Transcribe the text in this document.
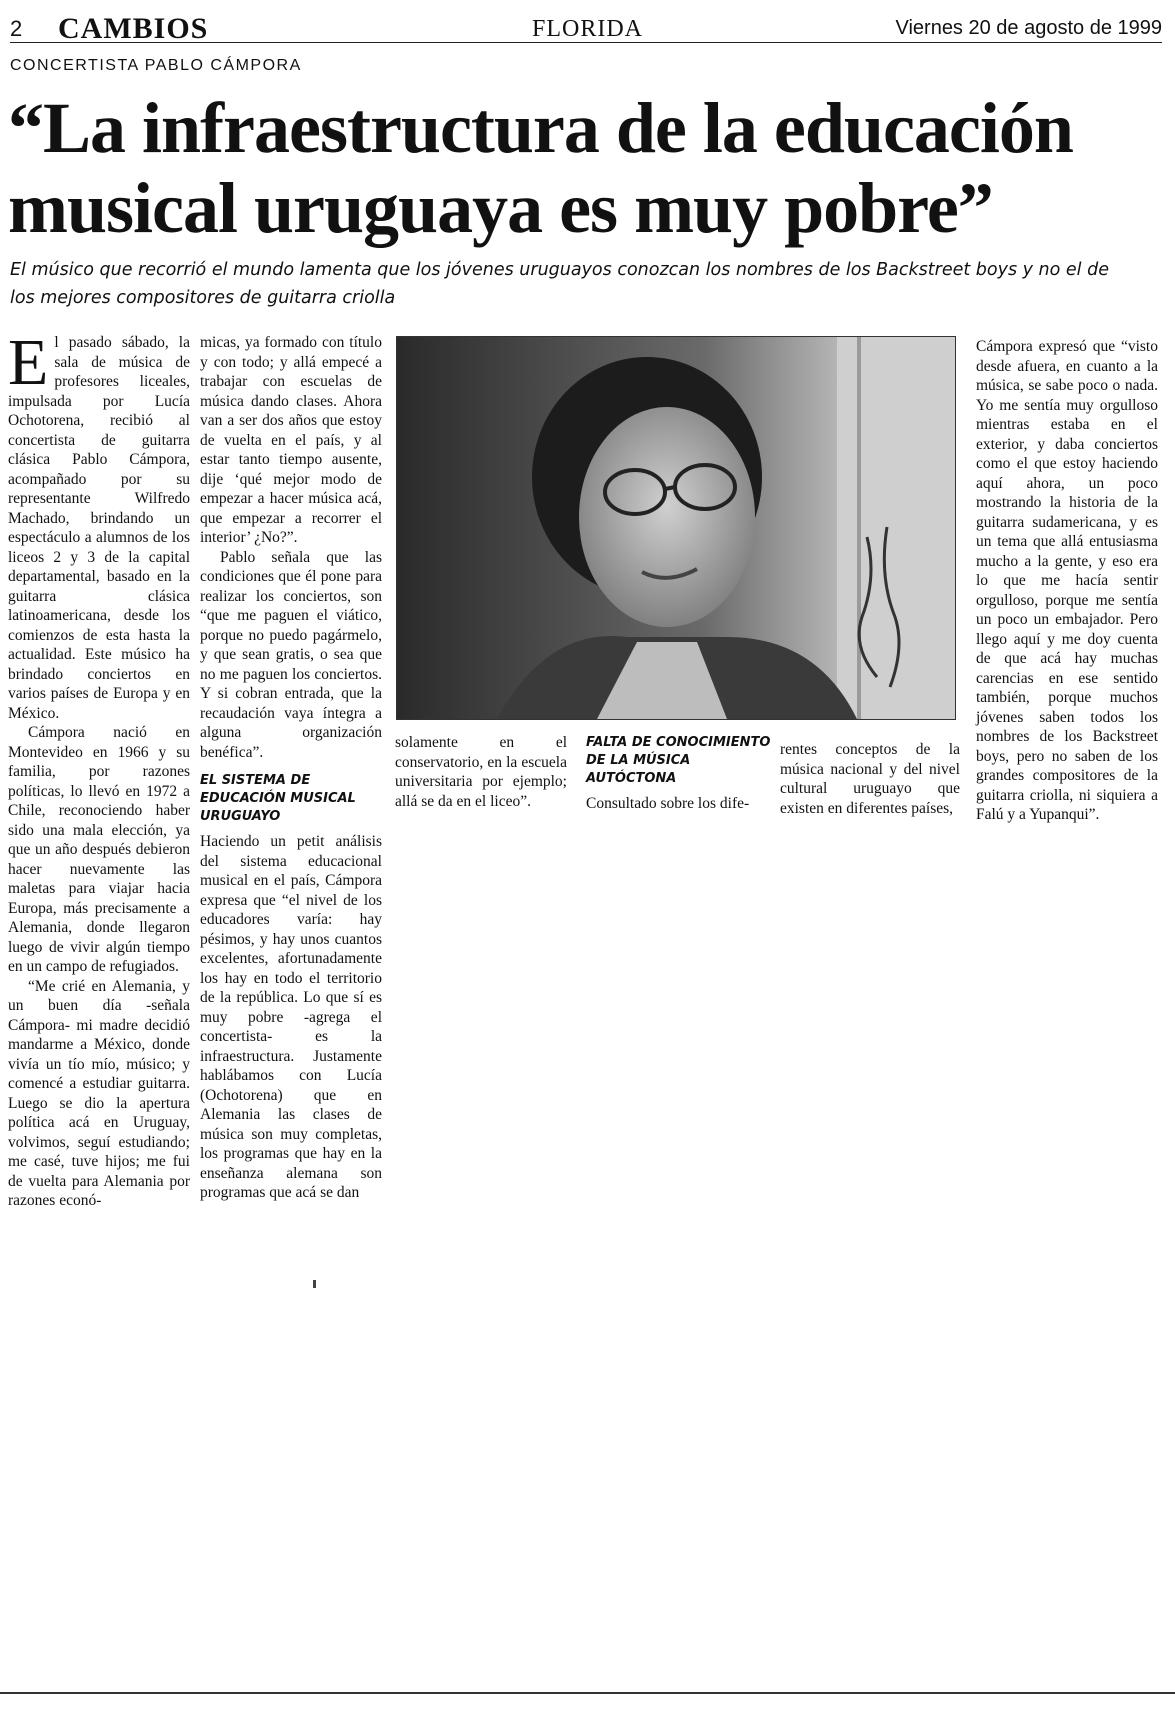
2 CAMBIOS	FLORIDA	Viernes 20 de agosto de 1999
CONCERTISTA PABLO CÁMPORA
“La infraestructura de la educación musical uruguaya es muy pobre”

El músico que recorrió el mundo lamenta que los jóvenes uruguayos conozcan los nombres de los Backstreet boys y no el de los mejores compositores de guitarra criolla

El pasado sábado, la sala de música de profesores liceales, impulsada por Lucía Ochotorena, recibió al concertista de guitarra clásica Pablo Cámpora, acompañado por su representante Wilfredo Machado, brindando un espectáculo a alumnos de los liceos 2 y 3 de la capital departamental, basado en la guitarra clásica latinoamericana, desde los comienzos de esta hasta la actualidad. Este músico ha brindado conciertos en varios países de Europa y en México.

Cámpora nació en Montevideo en 1966 y su familia, por razones políticas, lo llevó en 1972 a Chile, reconociendo haber sido una mala elección, ya que un año después debieron hacer nuevamente las maletas para viajar hacia Europa, más precisamente a Alemania, donde llegaron luego de vivir algún tiempo en un campo de refugiados.

“Me crié en Alemania, y un buen día -señala Cámpora- mi madre decidió mandarme a México, donde vivía un tío mío, músico; y comencé a estudiar guitarra. Luego se dio la apertura política acá en Uruguay, volvimos, seguí estudiando; me casé, tuve hijos; me fui de vuelta para Alemania por razones econó-

micas, ya formado con título y con todo; y allá empecé a trabajar con escuelas de música dando clases. Ahora van a ser dos años que estoy de vuelta en el país, y al estar tanto tiempo ausente, dije ‘qué mejor modo de empezar a hacer música acá, que empezar a recorrer el interior’ ¿No?”.

Pablo señala que las condiciones que él pone para realizar los conciertos, son “que me paguen el viático, porque no puedo pagármelo, y que sean gratis, o sea que no me paguen los conciertos. Y si cobran entrada, que la recaudación vaya íntegra a alguna organización benéfica”.

EL SISTEMA DE EDUCACIÓN MUSICAL URUGUAYO

Haciendo un petit análisis del sistema educacional musical en el país, Cámpora expresa que “el nivel de los educadores varía: hay pésimos, y hay unos cuantos excelentes, afortunadamente los hay en todo el territorio de la república. Lo que sí es muy pobre -agrega el concertista- es la infraestructura. Justamente hablábamos con Lucía (Ochotorena) que en Alemania las clases de música son muy completas, los programas que hay en la enseñanza alemana son programas que acá se dan

solamente en el conservatorio, en la escuela universitaria por ejemplo; allá se da en el liceo”.

FALTA DE CONOCIMIENTO DE LA MÚSICA AUTÓCTONA

Consultado sobre los dife-

rentes conceptos de la música nacional y del nivel cultural uruguayo que existen en diferentes países,

Cámpora expresó que “visto desde afuera, en cuanto a la música, se sabe poco o nada. Yo me sentía muy orgulloso mientras estaba en el exterior, y daba conciertos como el que estoy haciendo aquí ahora, un poco mostrando la historia de la guitarra sudamericana, y es un tema que allá entusiasma mucho a la gente, y eso era lo que me hacía sentir orgulloso, porque me sentía un poco un embajador. Pero llego aquí y me doy cuenta de que acá hay muchas carencias en ese sentido también, porque muchos jóvenes saben todos los nombres de los Backstreet boys, pero no saben de los grandes compositores de la guitarra criolla, ni siquiera a Falú y a Yupanqui”.
